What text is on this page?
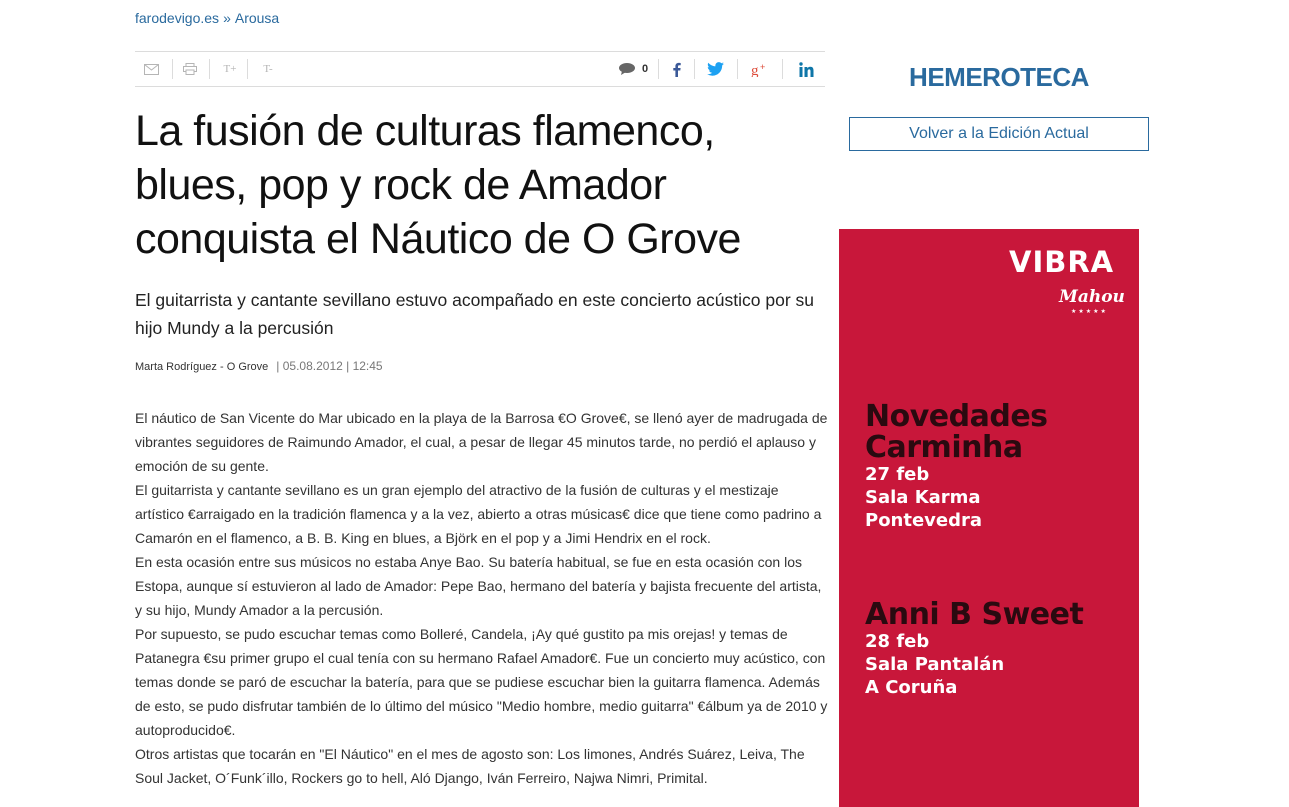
farodevigo.es » Arousa
T+ T-	0	g +
La fusión de culturas flamenco, blues, pop y rock de Amador conquista el Náutico de O Grove
El guitarrista y cantante sevillano estuvo acompañado en este concierto acústico por su hijo Mundy a la percusión
Marta Rodríguez - O Grove | 05.08.2012 | 12:45

El náutico de San Vicente do Mar ubicado en la playa de la Barrosa €O Grove€, se llenó ayer de madrugada de vibrantes seguidores de Raimundo Amador, el cual, a pesar de llegar 45 minutos tarde, no perdió el aplauso y emoción de su gente.

El guitarrista y cantante sevillano es un gran ejemplo del atractivo de la fusión de culturas y el mestizaje artístico €arraigado en la tradición flamenca y a la vez, abierto a otras músicas€ dice que tiene como padrino a Camarón en el flamenco, a B. B. King en blues, a Björk en el pop y a Jimi Hendrix en el rock.

En esta ocasión entre sus músicos no estaba Anye Bao. Su batería habitual, se fue en esta ocasión con los Estopa, aunque sí estuvieron al lado de Amador: Pepe Bao, hermano del batería y bajista frecuente del artista, y su hijo, Mundy Amador a la percusión.

Por supuesto, se pudo escuchar temas como Bolleré, Candela, ¡Ay qué gustito pa mis orejas! y temas de Patanegra €su primer grupo el cual tenía con su hermano Rafael Amador€. Fue un concierto muy acústico, con temas donde se paró de escuchar la batería, para que se pudiese escuchar bien la guitarra flamenca. Además de esto, se pudo disfrutar también de lo último del músico "Medio hombre, medio guitarra" €álbum ya de 2010 y autoproducido€.

Otros artistas que tocarán en "El Náutico" en el mes de agosto son: Los limones, Andrés Suárez, Leiva, The Soul Jacket, O´Funk´illo, Rockers go to hell, Aló Django, Iván Ferreiro, Najwa Nimri, Primital.

HEMEROTECA
Volver a la Edición Actual
VIBRA
Mahou
★★★★★
Novedades
Carminha
27 feb
Sala Karma
Pontevedra
Anni B Sweet
28 feb
Sala Pantalán
A Coruña
